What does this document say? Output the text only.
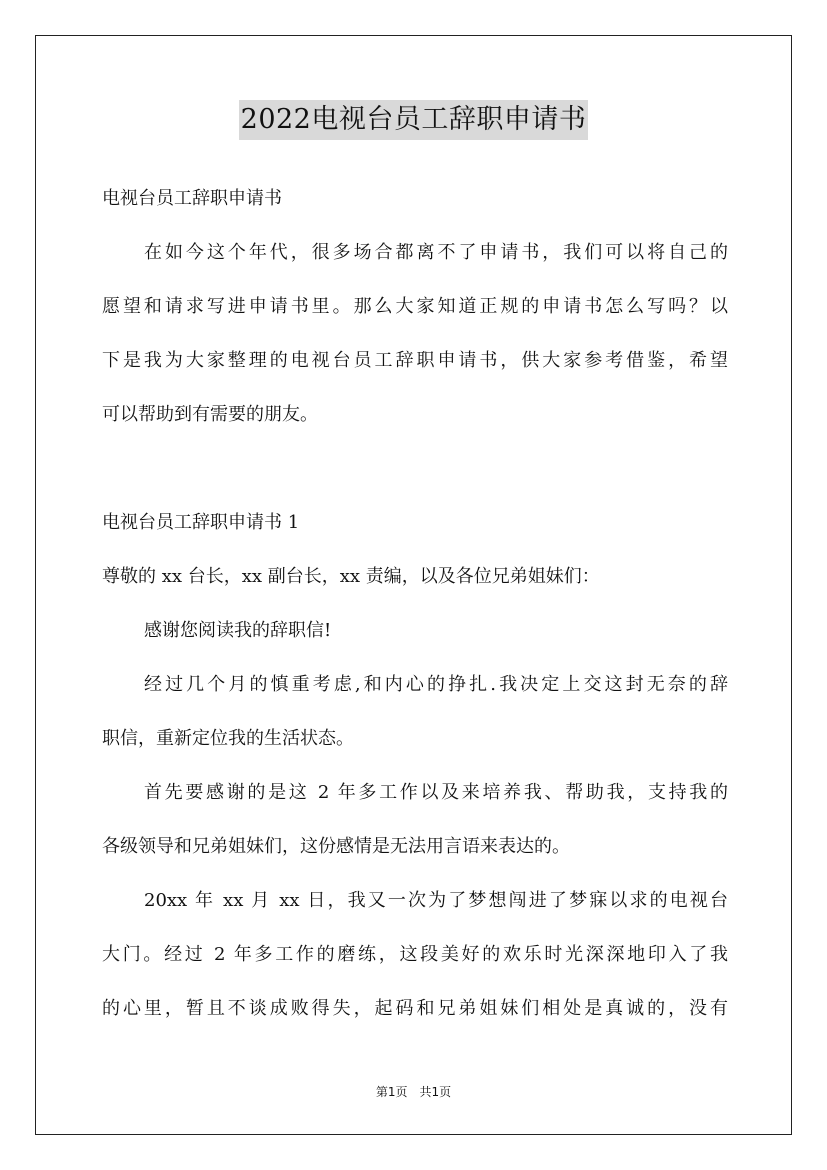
2022电视台员工辞职申请书
电视台员工辞职申请书
在如今这个年代，很多场合都离不了申请书，我们可以将自己的
愿望和请求写进申请书里。那么大家知道正规的申请书怎么写吗？以
下是我为大家整理的电视台员工辞职申请书，供大家参考借鉴，希望
可以帮助到有需要的朋友。
电视台员工辞职申请书 1
尊敬的 xx 台长，xx 副台长，xx 责编，以及各位兄弟姐妹们：
感谢您阅读我的辞职信!
经过几个月的慎重考虑,和内心的挣扎.我决定上交这封无奈的辞
职信，重新定位我的生活状态。
首先要感谢的是这 2 年多工作以及来培养我、帮助我，支持我的
各级领导和兄弟姐妹们，这份感情是无法用言语来表达的。
20xx 年 xx 月 xx 日，我又一次为了梦想闯进了梦寐以求的电视台
大门。经过 2 年多工作的磨练，这段美好的欢乐时光深深地印入了我
的心里，暂且不谈成败得失，起码和兄弟姐妹们相处是真诚的，没有
第1页 共1页
